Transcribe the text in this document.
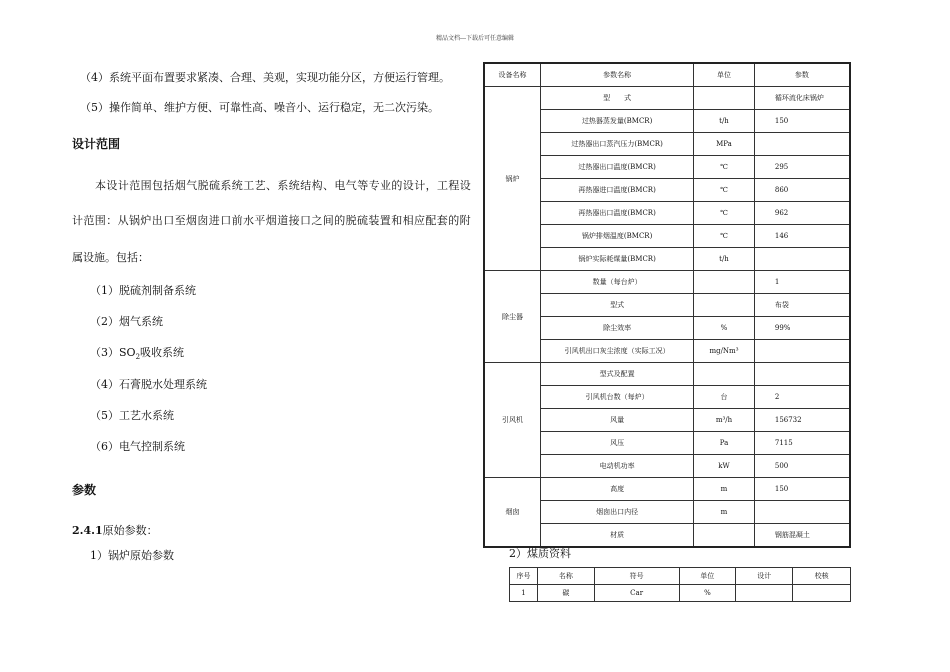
精品文档---下载后可任意编辑
（4）系统平面布置要求紧凑、合理、美观，实现功能分区，方便运行管理。
（5）操作简单、维护方便、可靠性高、噪音小、运行稳定，无二次污染。
设计范围
本设计范围包括烟气脱硫系统工艺、系统结构、电气等专业的设计，工程设
计范围：从锅炉出口至烟囱进口前水平烟道接口之间的脱硫装置和相应配套的附
属设施。包括：
（1）脱硫剂制备系统
（2）烟气系统
$(3)SO_2$吸收系统
（4）石膏脱水处理系统
（5）工艺水系统
（6）电气控制系统
参数
2.4.1原始参数：
1）锅炉原始参数
设备名称	参数名称	单位	参数
锅炉	型　　式		循环流化床锅炉
	过热器蒸发量(BMCR)	t/h	150
	过热器出口蒸汽压力(BMCR)	MPa	
	过热器出口温度(BMCR)	℃	295
	再热器进口温度(BMCR)	℃	860
	再热器出口温度(BMCR)	℃	962
	锅炉排烟温度(BMCR)	℃	146
	锅炉实际耗煤量(BMCR)	t/h	
除尘器	数量（每台炉）		1
	型式		布袋
	除尘效率	%	99%
	引风机出口灰尘浓度（实际工况）	mg/Nm³	
引风机	型式及配置		
	引风机台数（每炉）	台	2
	风量	m³/h	156732
	风压	Pa	7115
	电动机功率	kW	500
烟囱	高度	m	150
	烟囱出口内径	m	
	材质		钢筋混凝土
2）煤质资料
序号	名称	符号	单位	设计	校核
1	碳	Car	%		
